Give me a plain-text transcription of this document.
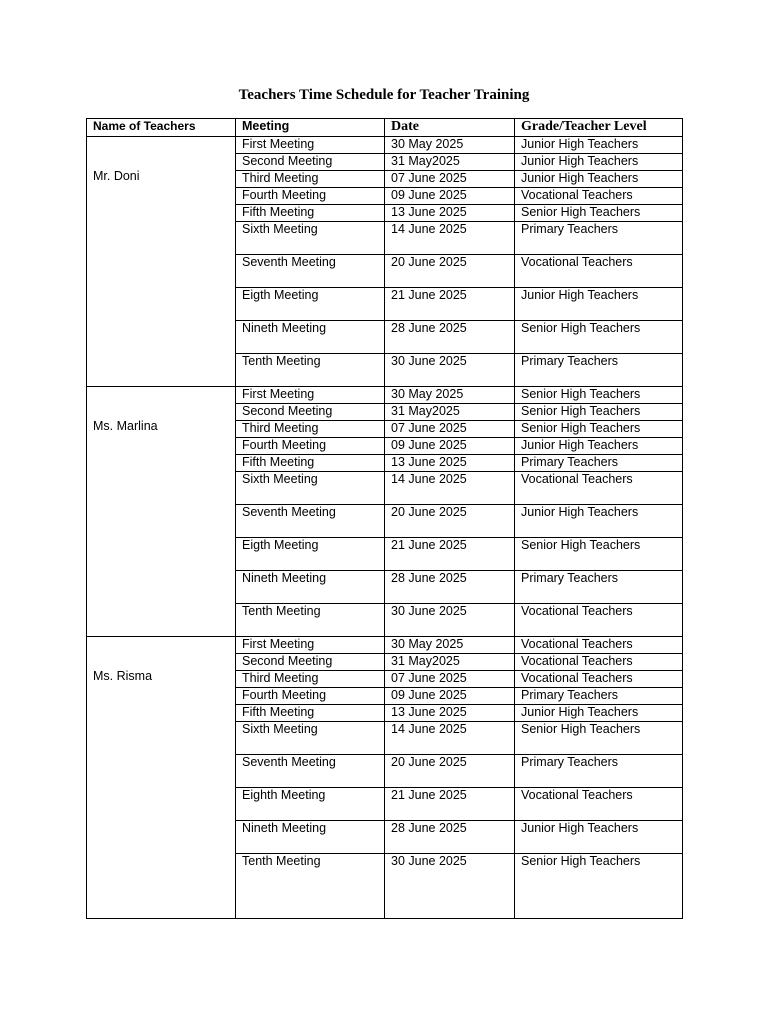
Teachers Time Schedule for Teacher Training
Name of Teachers	Meeting	Date	Grade/Teacher Level

Mr. Doni	First Meeting	30 May 2025	Junior High Teachers
	Second Meeting	31 May2025	Junior High Teachers
	Third Meeting	07 June 2025	Junior High Teachers
	Fourth Meeting	09 June 2025	Vocational Teachers
	Fifth Meeting	13 June 2025	Senior High Teachers
	Sixth Meeting	14 June 2025	Primary Teachers
	Seventh Meeting	20 June 2025	Vocational Teachers
	Eigth Meeting	21 June 2025	Junior High Teachers
	Nineth Meeting	28 June 2025	Senior High Teachers
	Tenth Meeting	30 June 2025	Primary Teachers

Ms. Marlina	First Meeting	30 May 2025	Senior High Teachers
	Second Meeting	31 May2025	Senior High Teachers
	Third Meeting	07 June 2025	Senior High Teachers
	Fourth Meeting	09 June 2025	Junior High Teachers
	Fifth Meeting	13 June 2025	Primary Teachers
	Sixth Meeting	14 June 2025	Vocational Teachers
	Seventh Meeting	20 June 2025	Junior High Teachers
	Eigth Meeting	21 June 2025	Senior High Teachers
	Nineth Meeting	28 June 2025	Primary Teachers
	Tenth Meeting	30 June 2025	Vocational Teachers

Ms. Risma	First Meeting	30 May 2025	Vocational Teachers
	Second Meeting	31 May2025	Vocational Teachers
	Third Meeting	07 June 2025	Vocational Teachers
	Fourth Meeting	09 June 2025	Primary Teachers
	Fifth Meeting	13 June 2025	Junior High Teachers
	Sixth Meeting	14 June 2025	Senior High Teachers
	Seventh Meeting	20 June 2025	Primary Teachers
	Eighth Meeting	21 June 2025	Vocational Teachers
	Nineth Meeting	28 June 2025	Junior High Teachers
	Tenth Meeting	30 June 2025	Senior High Teachers
